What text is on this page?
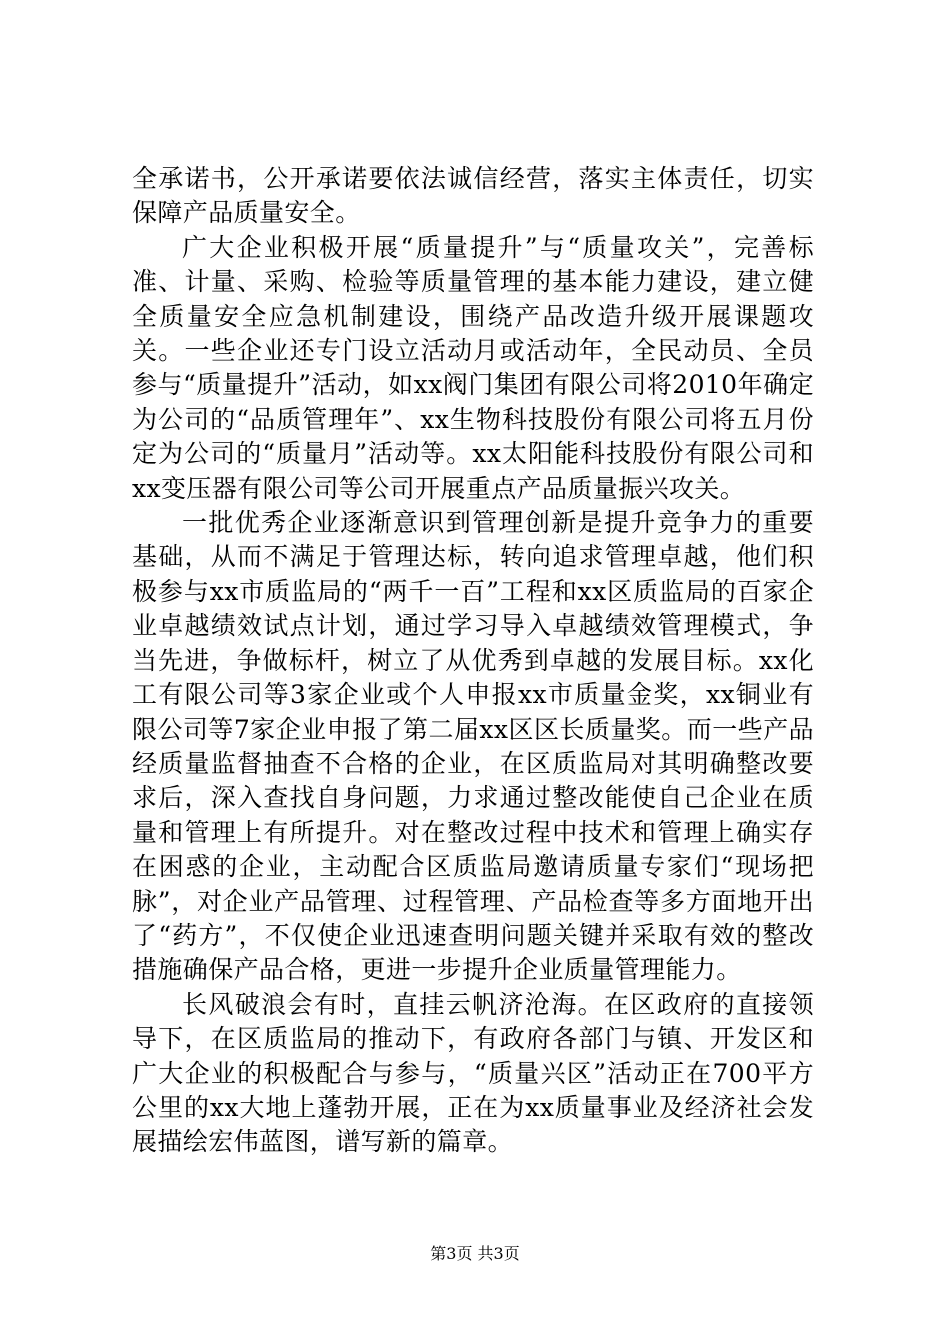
全承诺书，公开承诺要依法诚信经营，落实主体责任，切实保障产品质量安全。

广大企业积极开展“质量提升”与“质量攻关”，完善标准、计量、采购、检验等质量管理的基本能力建设，建立健全质量安全应急机制建设，围绕产品改造升级开展课题攻关。一些企业还专门设立活动月或活动年，全民动员、全员参与“质量提升”活动，如xx阀门集团有限公司将2010年确定为公司的“品质管理年”、xx生物科技股份有限公司将五月份定为公司的“质量月”活动等。xx太阳能科技股份有限公司和xx变压器有限公司等公司开展重点产品质量振兴攻关。

一批优秀企业逐渐意识到管理创新是提升竞争力的重要基础，从而不满足于管理达标，转向追求管理卓越，他们积极参与xx市质监局的“两千一百”工程和xx区质监局的百家企业卓越绩效试点计划，通过学习导入卓越绩效管理模式，争当先进，争做标杆，树立了从优秀到卓越的发展目标。xx化工有限公司等3家企业或个人申报xx市质量金奖，xx铜业有限公司等7家企业申报了第二届xx区区长质量奖。而一些产品经质量监督抽查不合格的企业，在区质监局对其明确整改要求后，深入查找自身问题，力求通过整改能使自己企业在质量和管理上有所提升。对在整改过程中技术和管理上确实存在困惑的企业，主动配合区质监局邀请质量专家们“现场把脉”，对企业产品管理、过程管理、产品检查等多方面地开出了“药方”，不仅使企业迅速查明问题关键并采取有效的整改措施确保产品合格，更进一步提升企业质量管理能力。

长风破浪会有时，直挂云帆济沧海。在区政府的直接领导下，在区质监局的推动下，有政府各部门与镇、开发区和广大企业的积极配合与参与，“质量兴区”活动正在700平方公里的xx大地上蓬勃开展，正在为xx质量事业及经济社会发展描绘宏伟蓝图，谱写新的篇章。

第3页 共3页
